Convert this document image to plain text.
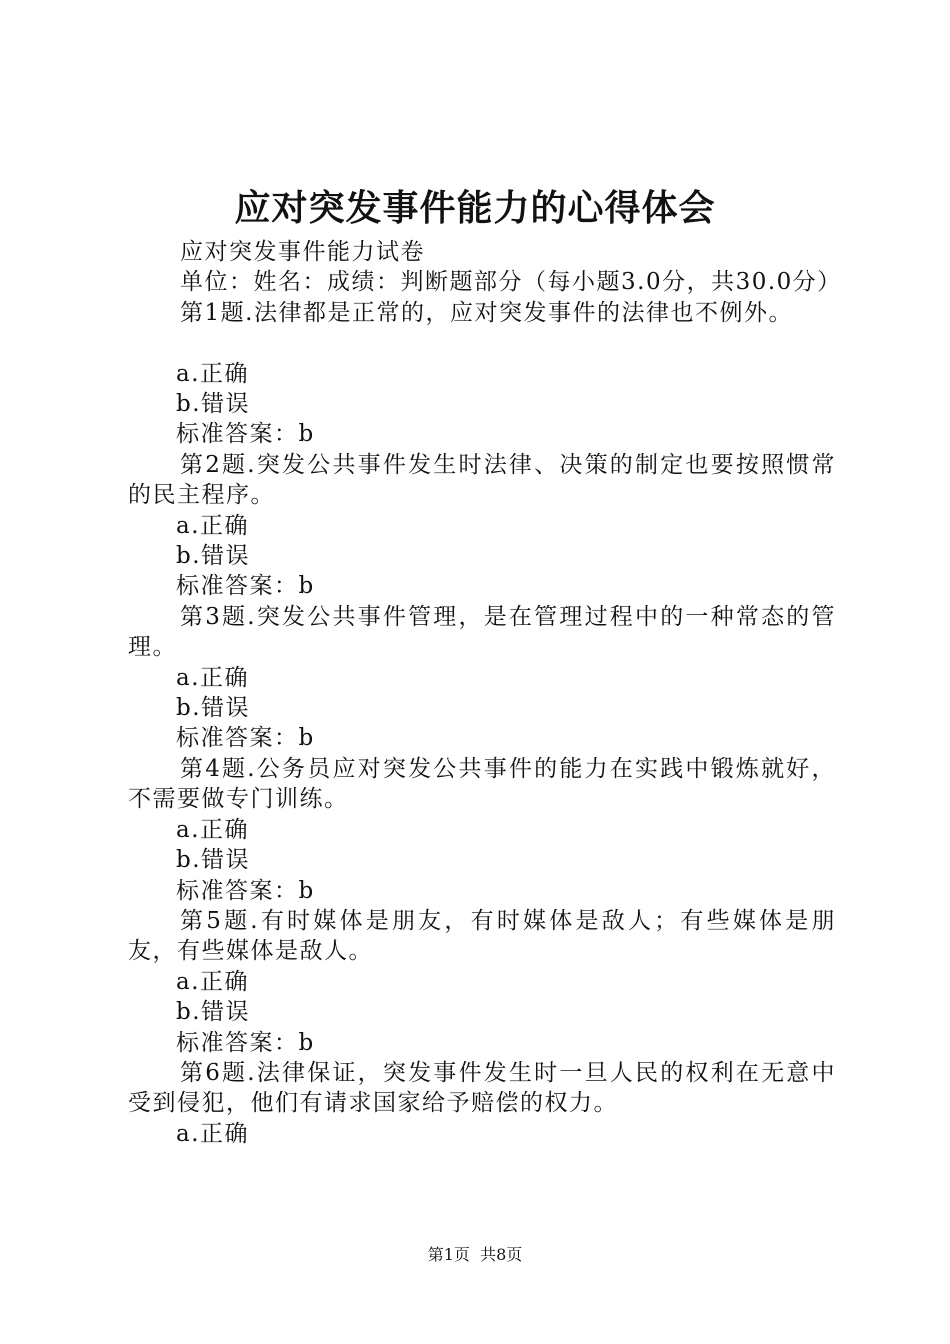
应对突发事件能力的心得体会

应对突发事件能力试卷

单位：姓名：成绩：判断题部分（每小题3.0分，共30.0分）

第1题.法律都是正常的，应对突发事件的法律也不例外。

a.正确

b.错误

标准答案：b

第2题.突发公共事件发生时法律、决策的制定也要按照惯常的民主程序。

a.正确

b.错误

标准答案：b

第3题.突发公共事件管理，是在管理过程中的一种常态的管理。

a.正确

b.错误

标准答案：b

第4题.公务员应对突发公共事件的能力在实践中锻炼就好，不需要做专门训练。

a.正确

b.错误

标准答案：b

第5题.有时媒体是朋友，有时媒体是敌人；有些媒体是朋友，有些媒体是敌人。

a.正确

b.错误

标准答案：b

第6题.法律保证，突发事件发生时一旦人民的权利在无意中受到侵犯，他们有请求国家给予赔偿的权力。

a.正确

第1页 共8页
